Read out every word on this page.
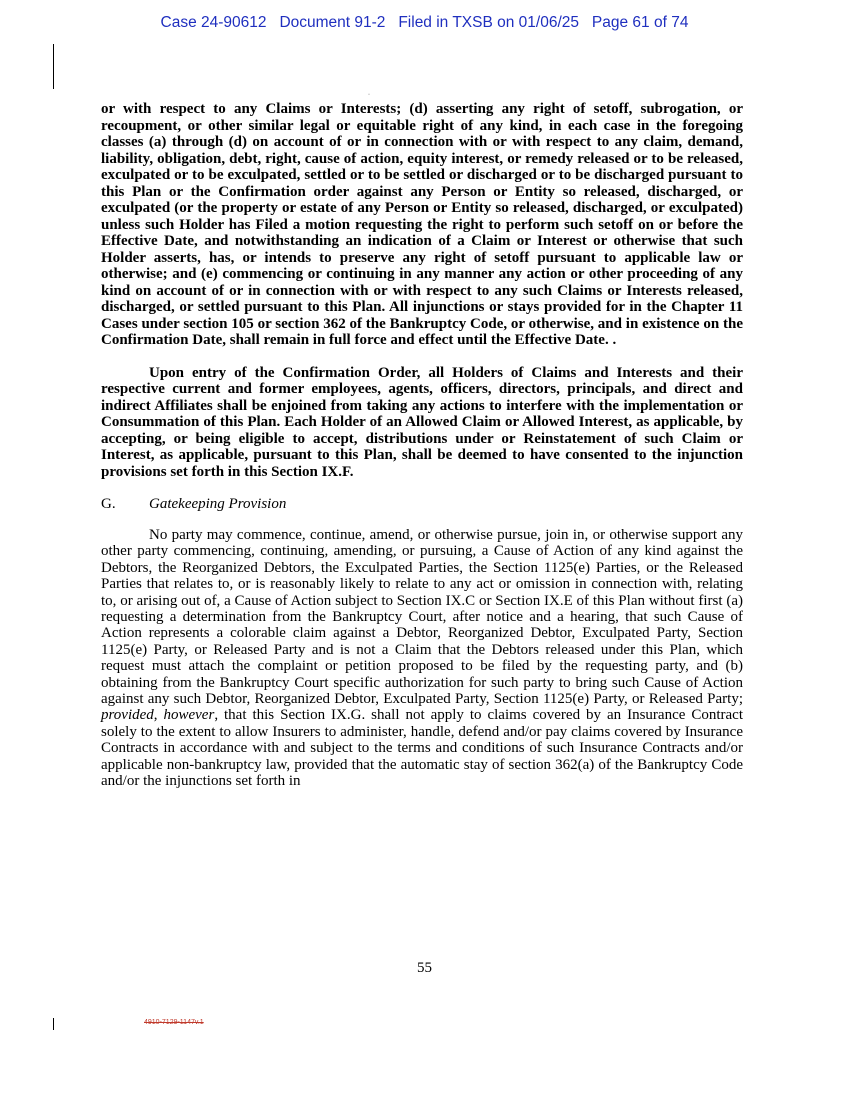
Case 24-90612   Document 91-2   Filed in TXSB on 01/06/25   Page 61 of 74
·

or with respect to any Claims or Interests; (d) asserting any right of setoff, subrogation, or recoupment, or other similar legal or equitable right of any kind, in each case in the foregoing classes (a) through (d) on account of or in connection with or with respect to any claim, demand, liability, obligation, debt, right, cause of action, equity interest, or remedy released or to be released, exculpated or to be exculpated, settled or to be settled or discharged or to be discharged pursuant to this Plan or the Confirmation order against any Person or Entity so released, discharged, or exculpated (or the property or estate of any Person or Entity so released, discharged, or exculpated) unless such Holder has Filed a motion requesting the right to perform such setoff on or before the Effective Date, and notwithstanding an indication of a Claim or Interest or otherwise that such Holder asserts, has, or intends to preserve any right of setoff pursuant to applicable law or otherwise; and (e) commencing or continuing in any manner any action or other proceeding of any kind on account of or in connection with or with respect to any such Claims or Interests released, discharged, or settled pursuant to this Plan. All injunctions or stays provided for in the Chapter 11 Cases under section 105 or section 362 of the Bankruptcy Code, or otherwise, and in existence on the Confirmation Date, shall remain in full force and effect until the Effective Date. .

Upon entry of the Confirmation Order, all Holders of Claims and Interests and their respective current and former employees, agents, officers, directors, principals, and direct and indirect Affiliates shall be enjoined from taking any actions to interfere with the implementation or Consummation of this Plan. Each Holder of an Allowed Claim or Allowed Interest, as applicable, by accepting, or being eligible to accept, distributions under or Reinstatement of such Claim or Interest, as applicable, pursuant to this Plan, shall be deemed to have consented to the injunction provisions set forth in this Section IX.F.

G.	Gatekeeping Provision

No party may commence, continue, amend, or otherwise pursue, join in, or otherwise support any other party commencing, continuing, amending, or pursuing, a Cause of Action of any kind against the Debtors, the Reorganized Debtors, the Exculpated Parties, the Section 1125(e) Parties, or the Released Parties that relates to, or is reasonably likely to relate to any act or omission in connection with, relating to, or arising out of, a Cause of Action subject to Section IX.C or Section IX.E of this Plan without first (a) requesting a determination from the Bankruptcy Court, after notice and a hearing, that such Cause of Action represents a colorable claim against a Debtor, Reorganized Debtor, Exculpated Party, Section 1125(e) Party, or Released Party and is not a Claim that the Debtors released under this Plan, which request must attach the complaint or petition proposed to be filed by the requesting party, and (b) obtaining from the Bankruptcy Court specific authorization for such party to bring such Cause of Action against any such Debtor, Reorganized Debtor, Exculpated Party, Section 1125(e) Party, or Released Party; provided, however, that this Section IX.G. shall not apply to claims covered by an Insurance Contract solely to the extent to allow Insurers to administer, handle, defend and/or pay claims covered by Insurance Contracts in accordance with and subject to the terms and conditions of such Insurance Contracts and/or applicable non-bankruptcy law, provided that the automatic stay of section 362(a) of the Bankruptcy Code and/or the injunctions set forth in

55
4910-7129-1147v.1
